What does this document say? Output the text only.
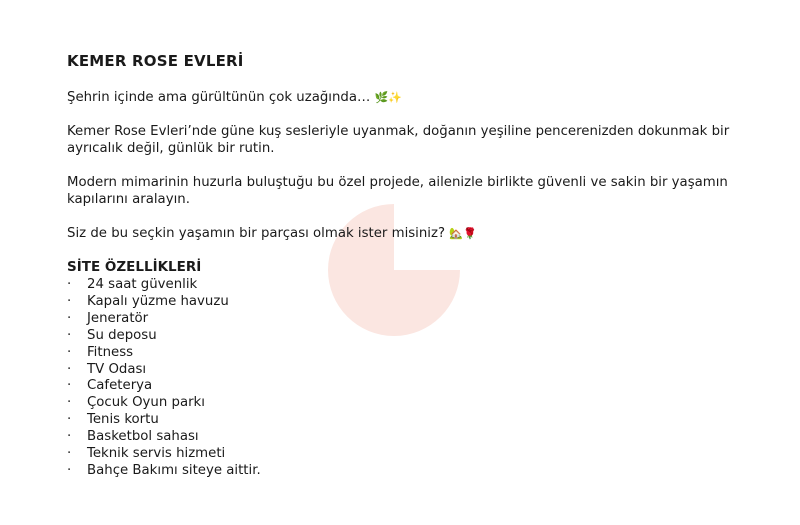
KEMER ROSE EVLERİ
Şehrin içinde ama gürültünün çok uzağında… 🌿✨
Kemer Rose Evleri’nde güne kuş sesleriyle uyanmak, doğanın yeşiline pencerenizden dokunmak bir ayrıcalık değil, günlük bir rutin.
Modern mimarinin huzurla buluştuğu bu özel projede, ailenizle birlikte güvenli ve sakin bir yaşamın kapılarını aralayın.
Siz de bu seçkin yaşamın bir parçası olmak ister misiniz? 🏡🌹
SİTE ÖZELLİKLERİ
· 24 saat güvenlik
· Kapalı yüzme havuzu
· Jeneratör
· Su deposu
· Fitness
· TV Odası
· Cafeterya
· Çocuk Oyun parkı
· Tenis kortu
· Basketbol sahası
· Teknik servis hizmeti
· Bahçe Bakımı siteye aittir.
